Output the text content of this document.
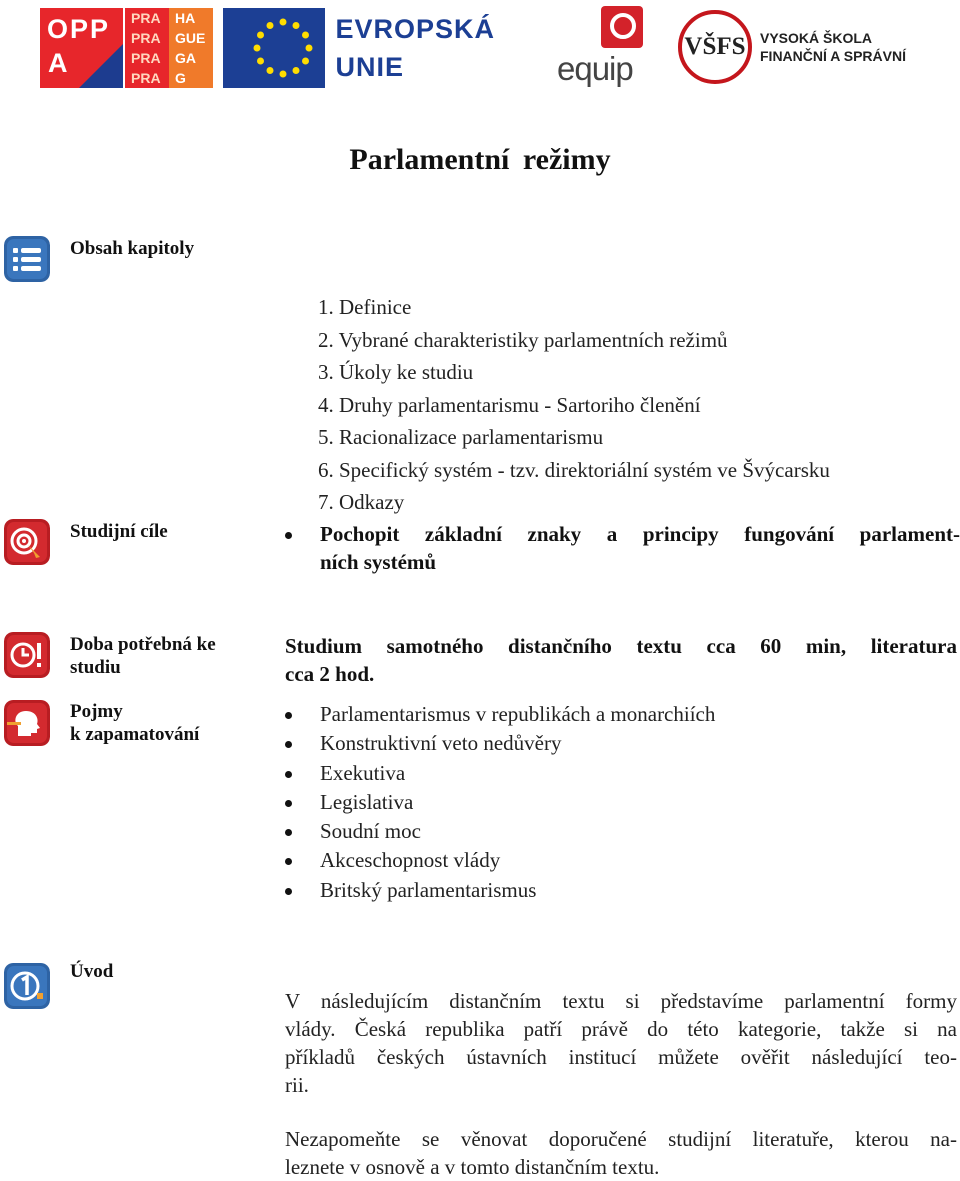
OPP
A
PRA	HA
PRA	GUE
PRA	GA
PRA	G
EVROPSKÁ
UNIE	equip
VŠFS	VYSOKÁ ŠKOLA
FINANČNÍ A SPRÁVNÍ
Parlamentní režimy
Obsah kapitoly
Studijní cíle
Doba potřebná ke
studiu
Pojmy
k zapamatování
Úvod
1. Definice
2. Vybrané charakteristiky parlamentních režimů
3. Úkoly ke studiu
4. Druhy parlamentarismu - Sartoriho členění
5. Racionalizace parlamentarismu
6. Specifický systém - tzv. direktoriální systém ve Švýcarsku
7. Odkazy
Pochopit základní znaky a principy fungování parlament-
ních systémů
Studium samotného distančního textu cca 60 min, literatura
cca 2 hod.
Parlamentarismus v republikách a monarchiích
Konstruktivní veto nedůvěry
Exekutiva
Legislativa
Soudní moc
Akceschopnost vlády
Britský parlamentarismus
V následujícím distančním textu si představíme parlamentní formy
vlády. Česká republika patří právě do této kategorie, takže si na
příkladů českých ústavních institucí můžete ověřit následující teo-
rii.
Nezapomeňte se věnovat doporučené studijní literatuře, kterou na-
leznete v osnově a v tomto distančním textu.
